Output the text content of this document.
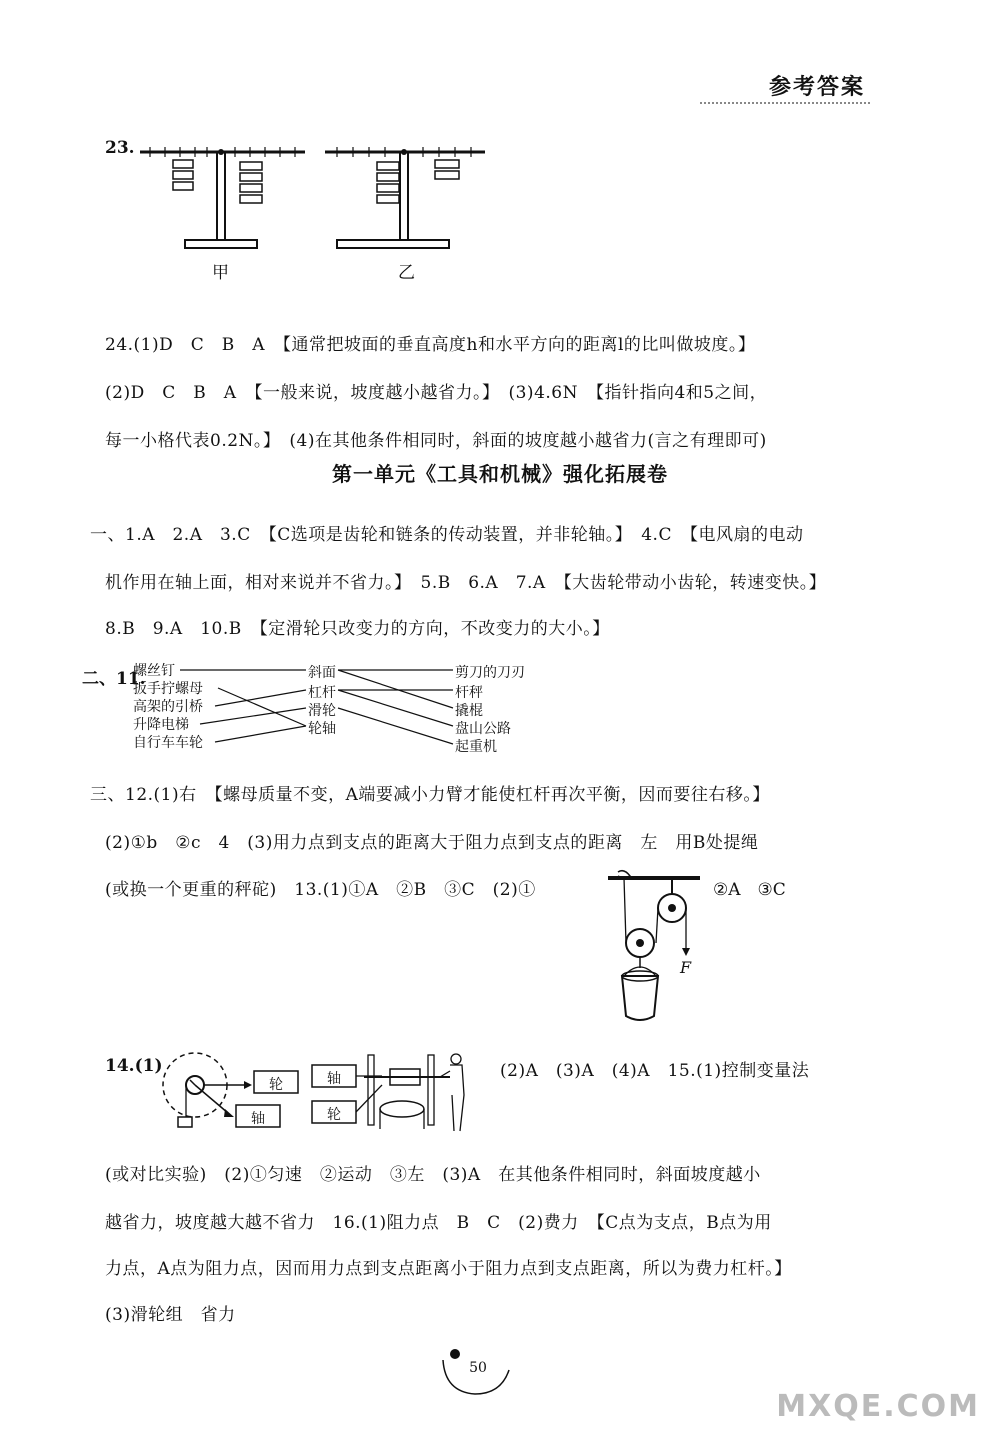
参考答案
23.
甲	乙
24.(1)D　C　B　A　【通常把坡面的垂直高度h和水平方向的距离l的比叫做坡度。】
(2)D　C　B　A　【一般来说，坡度越小越省力。】　(3)4.6N　【指针指向4和5之间，
每一小格代表0.2N。】　(4)在其他条件相同时，斜面的坡度越小越省力(言之有理即可)
第一单元《工具和机械》强化拓展卷
一、1.A　2.A　3.C　【C选项是齿轮和链条的传动装置，并非轮轴。】　4.C　【电风扇的电动
机作用在轴上面，相对来说并不省力。】　5.B　6.A　7.A　【大齿轮带动小齿轮，转速变快。】
8.B　9.A　10.B　【定滑轮只改变力的方向，不改变力的大小。】
二、11.
螺丝钉
扳手拧螺母
高架的引桥
升降电梯
自行车车轮
斜面
杠杆
滑轮
轮轴
剪刀的刀刃
杆秤
撬棍
盘山公路
起重机
三、12.(1)右　【螺母质量不变，A端要减小力臂才能使杠杆再次平衡，因而要往右移。】
(2)①b　②c　4　(3)用力点到支点的距离大于阻力点到支点的距离　左　用B处提绳
(或换一个更重的秤砣)　13.(1)①A　②B　③C　(2)①	②A　③C
F
14.(1)
轮
轴
轴
轮
(2)A　(3)A　(4)A　15.(1)控制变量法
(或对比实验)　(2)①匀速　②运动　③左　(3)A　在其他条件相同时，斜面坡度越小
越省力，坡度越大越不省力　16.(1)阻力点　B　C　(2)费力　【C点为支点，B点为用
力点，A点为阻力点，因而用力点到支点距离小于阻力点到支点距离，所以为费力杠杆。】
(3)滑轮组　省力
50
MXQE.COM
